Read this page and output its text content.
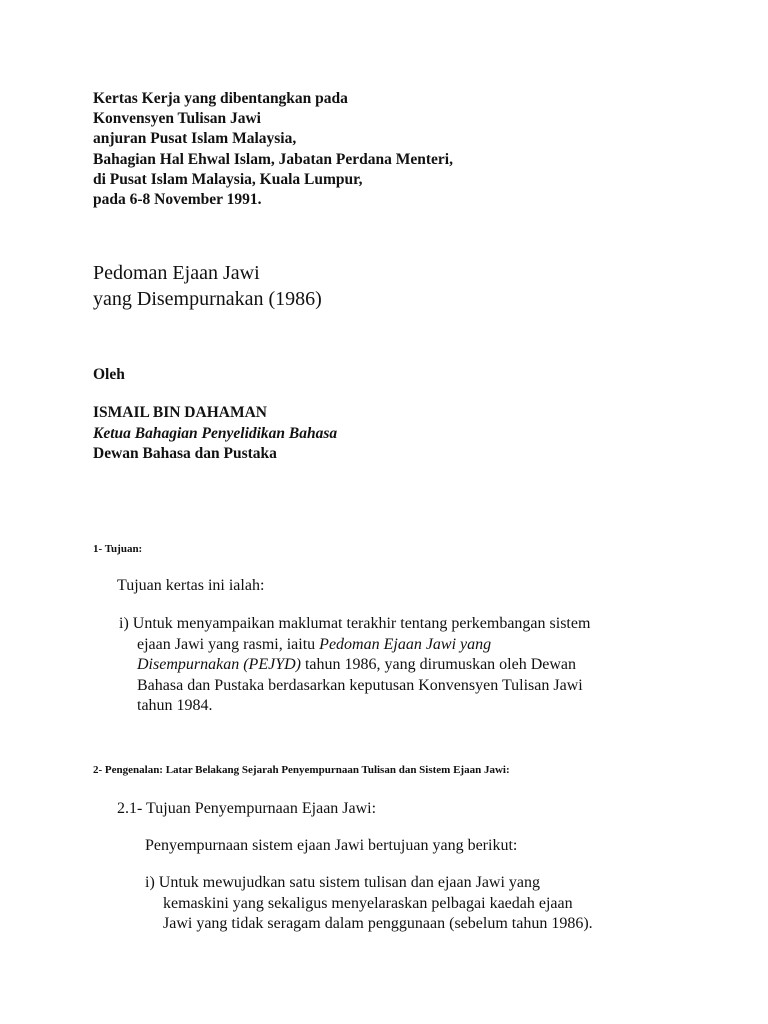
Kertas Kerja yang dibentangkan pada
Konvensyen Tulisan Jawi
anjuran Pusat Islam Malaysia,
Bahagian Hal Ehwal Islam, Jabatan Perdana Menteri,
di Pusat Islam Malaysia, Kuala Lumpur,
pada 6-8 November 1991.
Pedoman Ejaan Jawi
yang Disempurnakan (1986)
Oleh
ISMAIL BIN DAHAMAN
Ketua Bahagian Penyelidikan Bahasa
Dewan Bahasa dan Pustaka
1- Tujuan:
Tujuan kertas ini ialah:
i) Untuk menyampaikan maklumat terakhir tentang perkembangan sistem
ejaan Jawi yang rasmi, iaitu Pedoman Ejaan Jawi yang
Disempurnakan (PEJYD) tahun 1986, yang dirumuskan oleh Dewan
Bahasa dan Pustaka berdasarkan keputusan Konvensyen Tulisan Jawi
tahun 1984.
2- Pengenalan: Latar Belakang Sejarah Penyempurnaan Tulisan dan Sistem Ejaan Jawi:
2.1- Tujuan Penyempurnaan Ejaan Jawi:
Penyempurnaan sistem ejaan Jawi bertujuan yang berikut:
i) Untuk mewujudkan satu sistem tulisan dan ejaan Jawi yang
kemaskini yang sekaligus menyelaraskan pelbagai kaedah ejaan
Jawi yang tidak seragam dalam penggunaan (sebelum tahun 1986).
